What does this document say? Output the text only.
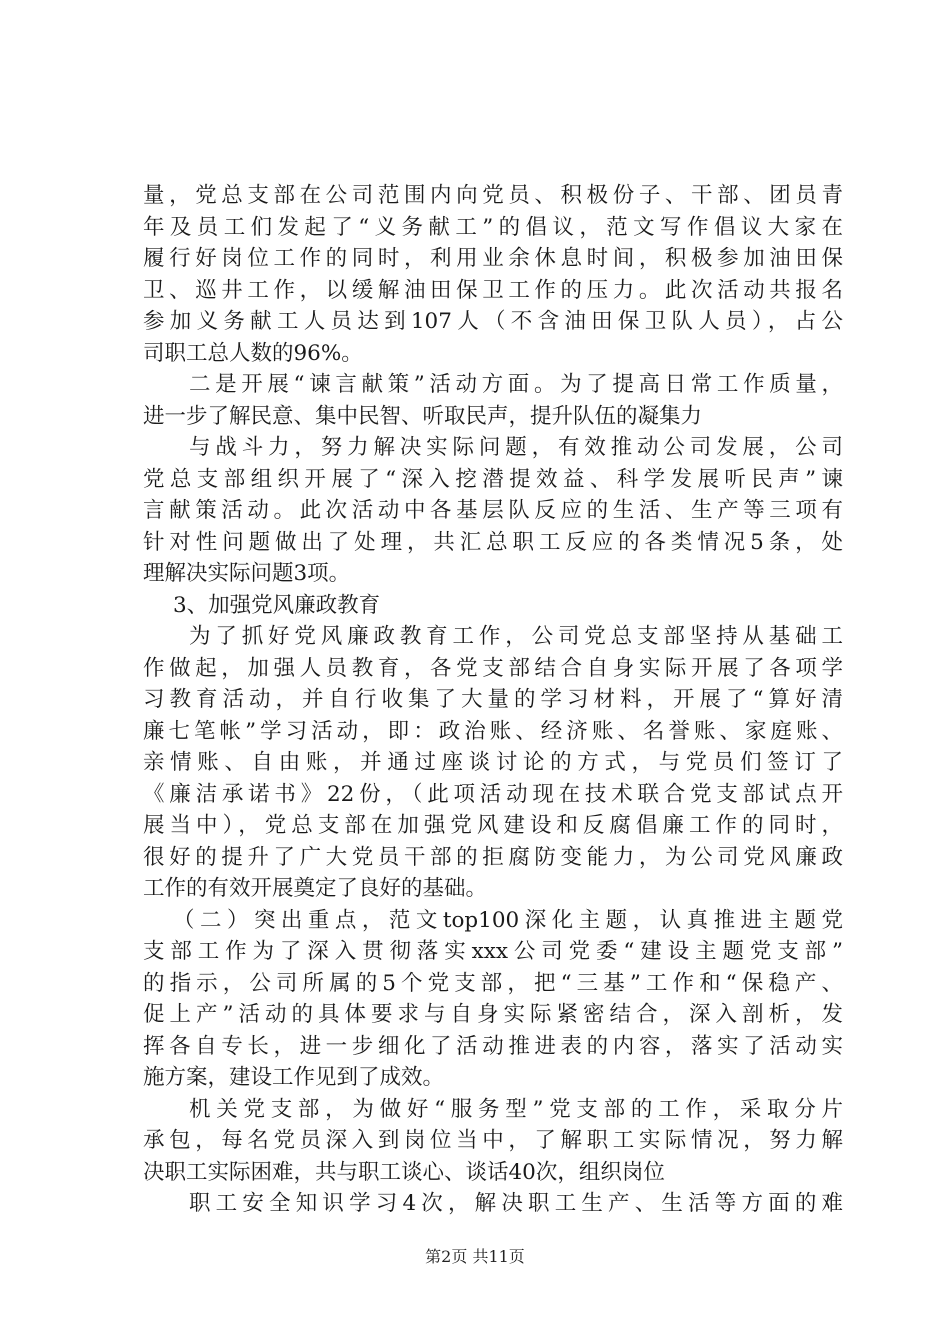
量，党总支部在公司范围内向党员、积极份子、干部、团员青
年及员工们发起了“义务献工”的倡议，范文写作倡议大家在
履行好岗位工作的同时，利用业余休息时间，积极参加油田保
卫、巡井工作，以缓解油田保卫工作的压力。此次活动共报名
参加义务献工人员达到107人（不含油田保卫队人员），占公
司职工总人数的96%。
二是开展“谏言献策”活动方面。为了提高日常工作质量，
进一步了解民意、集中民智、听取民声，提升队伍的凝集力
与战斗力，努力解决实际问题，有效推动公司发展，公司
党总支部组织开展了“深入挖潜提效益、科学发展听民声”谏
言献策活动。此次活动中各基层队反应的生活、生产等三项有
针对性问题做出了处理，共汇总职工反应的各类情况5条，处
理解决实际问题3项。
3、加强党风廉政教育
为了抓好党风廉政教育工作，公司党总支部坚持从基础工
作做起，加强人员教育，各党支部结合自身实际开展了各项学
习教育活动，并自行收集了大量的学习材料，开展了“算好清
廉七笔帐”学习活动，即：政治账、经济账、名誉账、家庭账、
亲情账、自由账，并通过座谈讨论的方式，与党员们签订了
《廉洁承诺书》22份，（此项活动现在技术联合党支部试点开
展当中），党总支部在加强党风建设和反腐倡廉工作的同时，
很好的提升了广大党员干部的拒腐防变能力，为公司党风廉政
工作的有效开展奠定了良好的基础。
（二）突出重点，范文top100深化主题，认真推进主题党
支部工作为了深入贯彻落实xxx公司党委“建设主题党支部”
的指示，公司所属的5个党支部，把“三基”工作和“保稳产、
促上产”活动的具体要求与自身实际紧密结合，深入剖析，发
挥各自专长，进一步细化了活动推进表的内容，落实了活动实
施方案，建设工作见到了成效。
机关党支部，为做好“服务型”党支部的工作，采取分片
承包，每名党员深入到岗位当中，了解职工实际情况，努力解
决职工实际困难，共与职工谈心、谈话40次，组织岗位
职工安全知识学习4次，解决职工生产、生活等方面的难
第2页 共11页
